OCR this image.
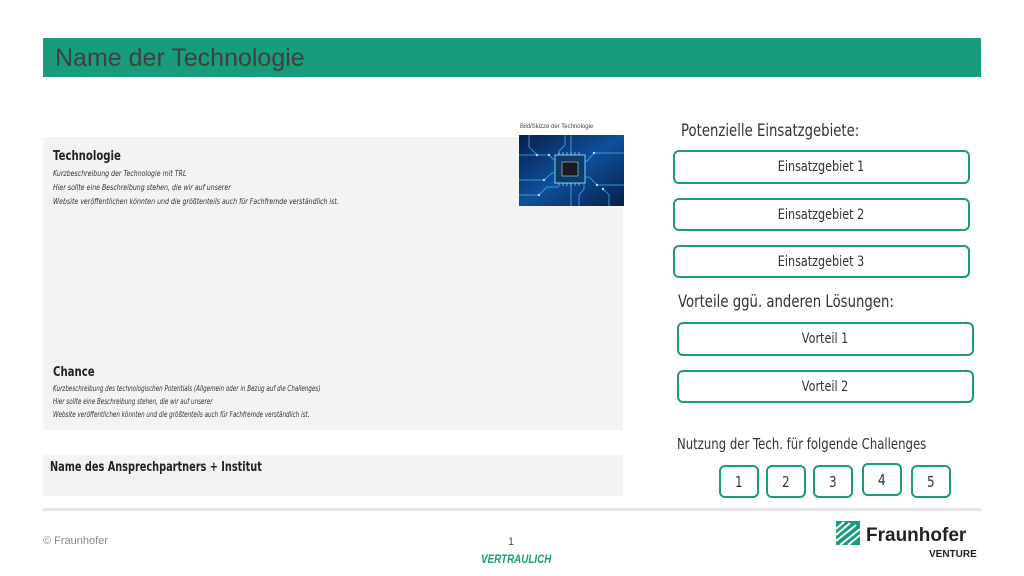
Name der Technologie
Technologie
Kurzbeschreibung der Technologie mit TRL
Hier sollte eine Beschreibung stehen, die wir auf unserer
Website veröffentlichen könnten und die größtenteils auch für Fachfremde verständlich ist.
Chance
Kurzbeschreibung des technologischen Potentials (Allgemein oder in Bezug auf die Challenges)
Hier sollte eine Beschreibung stehen, die wir auf unserer
Website veröffentlichen könnten und die größtenteils auch für Fachfremde verständlich ist.
Bild/Skizze der Technologie
Name des Ansprechpartners + Institut
Potenzielle Einsatzgebiete:
Einsatzgebiet 1
Einsatzgebiet 2
Einsatzgebiet 3
Vorteile ggü. anderen Lösungen:
Vorteil 1
Vorteil 2
Nutzung der Tech. für folgende Challenges
1	2	3	4	5
© Fraunhofer	1
VERTRAULICH
Fraunhofer
VENTURE
